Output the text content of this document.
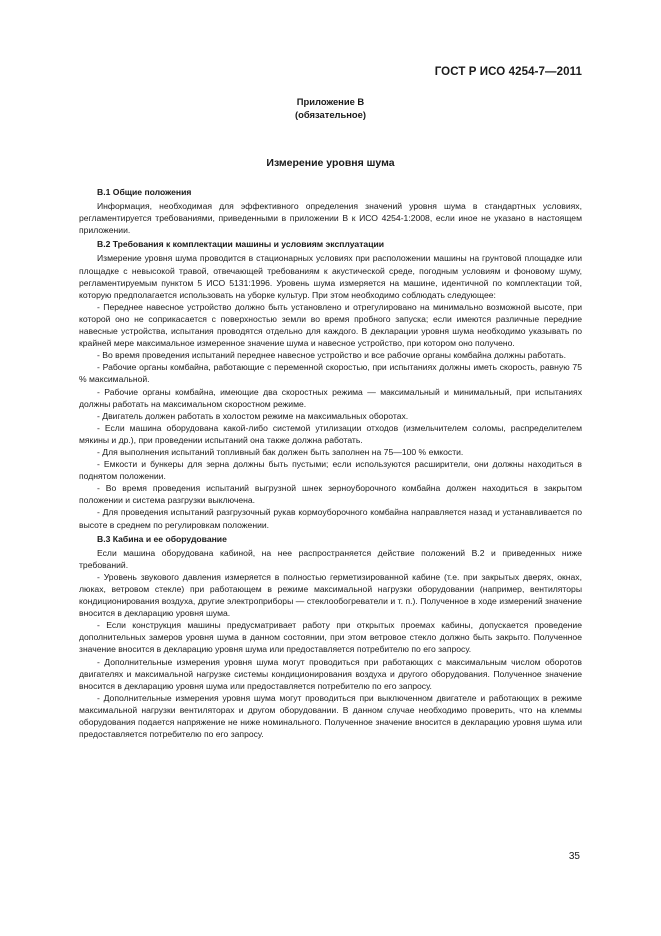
ГОСТ Р ИСО 4254-7—2011
Приложение В
(обязательное)
Измерение уровня шума

В.1 Общие положения

Информация, необходимая для эффективного определения значений уровня шума в стандартных условиях, регламентируется требованиями, приведенными в приложении В к ИСО 4254-1:2008, если иное не указано в настоящем приложении.

В.2 Требования к комплектации машины и условиям эксплуатации

Измерение уровня шума проводится в стационарных условиях при расположении машины на грунтовой площадке или площадке с невысокой травой, отвечающей требованиям к акустической среде, погодным условиям и фоновому шуму, регламентируемым пунктом 5 ИСО 5131:1996. Уровень шума измеряется на машине, идентичной по комплектации той, которую предполагается использовать на уборке культур. При этом необходимо соблюдать следующее:

- Переднее навесное устройство должно быть установлено и отрегулировано на минимально возможной высоте, при которой оно не соприкасается с поверхностью земли во время пробного запуска; если имеются различные передние навесные устройства, испытания проводятся отдельно для каждого. В декларации уровня шума необходимо указывать по крайней мере максимальное измеренное значение шума и навесное устройство, при котором оно получено.

- Во время проведения испытаний переднее навесное устройство и все рабочие органы комбайна должны работать.

- Рабочие органы комбайна, работающие с переменной скоростью, при испытаниях должны иметь скорость, равную 75 % максимальной.

- Рабочие органы комбайна, имеющие два скоростных режима — максимальный и минимальный, при испытаниях должны работать на максимальном скоростном режиме.

- Двигатель должен работать в холостом режиме на максимальных оборотах.

- Если машина оборудована какой-либо системой утилизации отходов (измельчителем соломы, распределителем мякины и др.), при проведении испытаний она также должна работать.

- Для выполнения испытаний топливный бак должен быть заполнен на 75—100 % емкости.

- Емкости и бункеры для зерна должны быть пустыми; если используются расширители, они должны находиться в поднятом положении.

- Во время проведения испытаний выгрузной шнек зерноуборочного комбайна должен находиться в закрытом положении и система разгрузки выключена.

- Для проведения испытаний разгрузочный рукав кормоуборочного комбайна направляется назад и устанавливается по высоте в среднем по регулировкам положении.

В.3 Кабина и ее оборудование

Если машина оборудована кабиной, на нее распространяется действие положений В.2 и приведенных ниже требований.

- Уровень звукового давления измеряется в полностью герметизированной кабине (т.е. при закрытых дверях, окнах, люках, ветровом стекле) при работающем в режиме максимальной нагрузки оборудовании (например, вентиляторы кондиционирования воздуха, другие электроприборы — стеклообогреватели и т. п.). Полученное в ходе измерений значение вносится в декларацию уровня шума.

- Если конструкция машины предусматривает работу при открытых проемах кабины, допускается проведение дополнительных замеров уровня шума в данном состоянии, при этом ветровое стекло должно быть закрыто. Полученное значение вносится в декларацию уровня шума или предоставляется потребителю по его запросу.

- Дополнительные измерения уровня шума могут проводиться при работающих с максимальным числом оборотов двигателях и максимальной нагрузке системы кондиционирования воздуха и другого оборудования. Полученное значение вносится в декларацию уровня шума или предоставляется потребителю по его запросу.

- Дополнительные измерения уровня шума могут проводиться при выключенном двигателе и работающих в режиме максимальной нагрузки вентиляторах и другом оборудовании. В данном случае необходимо проверить, что на клеммы оборудования подается напряжение не ниже номинального. Полученное значение вносится в декларацию уровня шума или предоставляется потребителю по его запросу.

35
